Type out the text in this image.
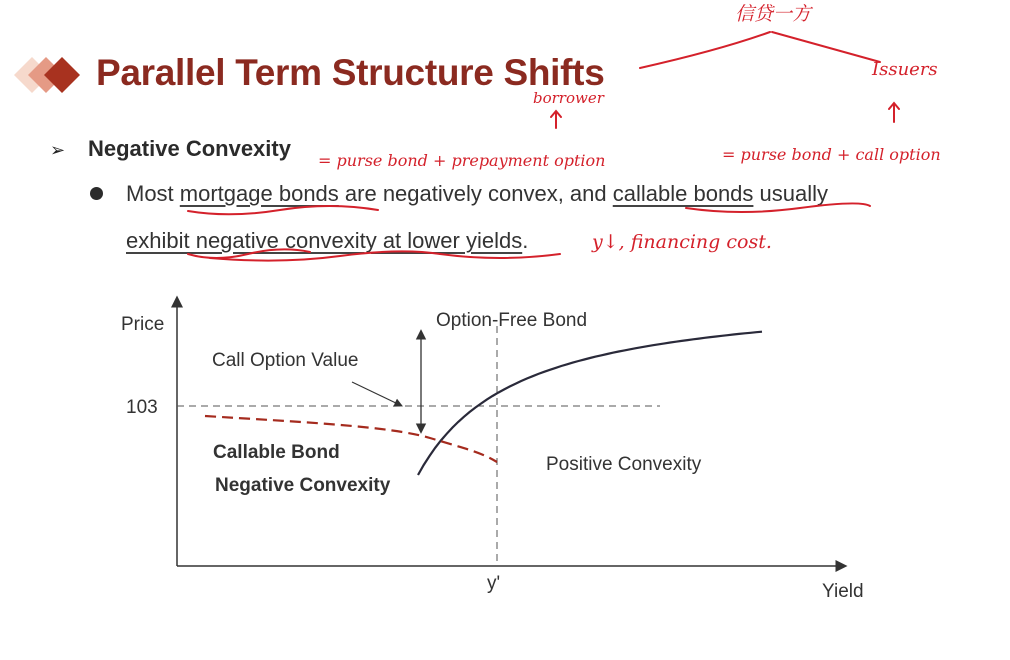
Parallel Term Structure Shifts
➢ Negative Convexity
Most mortgage bonds are negatively convex, and callable bonds usually
exhibit negative convexity at lower yields.
信贷一方
Issuers
borrower
= purse bond + prepayment option	= purse bond + call option
y↓, financing cost.
Price
Yield
103
y'
Option-Free Bond
Call Option Value
Callable Bond
Negative Convexity
Positive Convexity
